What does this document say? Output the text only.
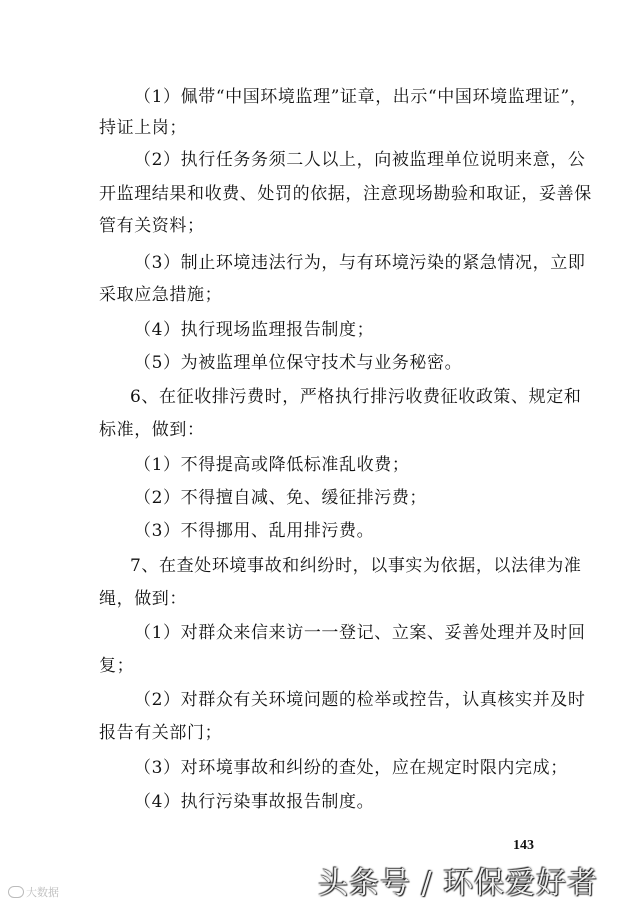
（1）佩带“中国环境监理”证章，出示“中国环境监理证”，

持证上岗；

（2）执行任务务须二人以上，向被监理单位说明来意，公

开监理结果和收费、处罚的依据，注意现场勘验和取证，妥善保

管有关资料；

（3）制止环境违法行为，与有环境污染的紧急情况，立即

采取应急措施；

（4）执行现场监理报告制度；

（5）为被监理单位保守技术与业务秘密。

6、在征收排污费时，严格执行排污收费征收政策、规定和

标准，做到：

（1）不得提高或降低标准乱收费；

（2）不得擅自减、免、缓征排污费；

（3）不得挪用、乱用排污费。

7、在查处环境事故和纠纷时，以事实为依据，以法律为准

绳，做到：

（1）对群众来信来访一一登记、立案、妥善处理并及时回

复；

（2）对群众有关环境问题的检举或控告，认真核实并及时

报告有关部门；

（3）对环境事故和纠纷的查处，应在规定时限内完成；

（4）执行污染事故报告制度。

143
大数据	头条号 / 环保爱好者
